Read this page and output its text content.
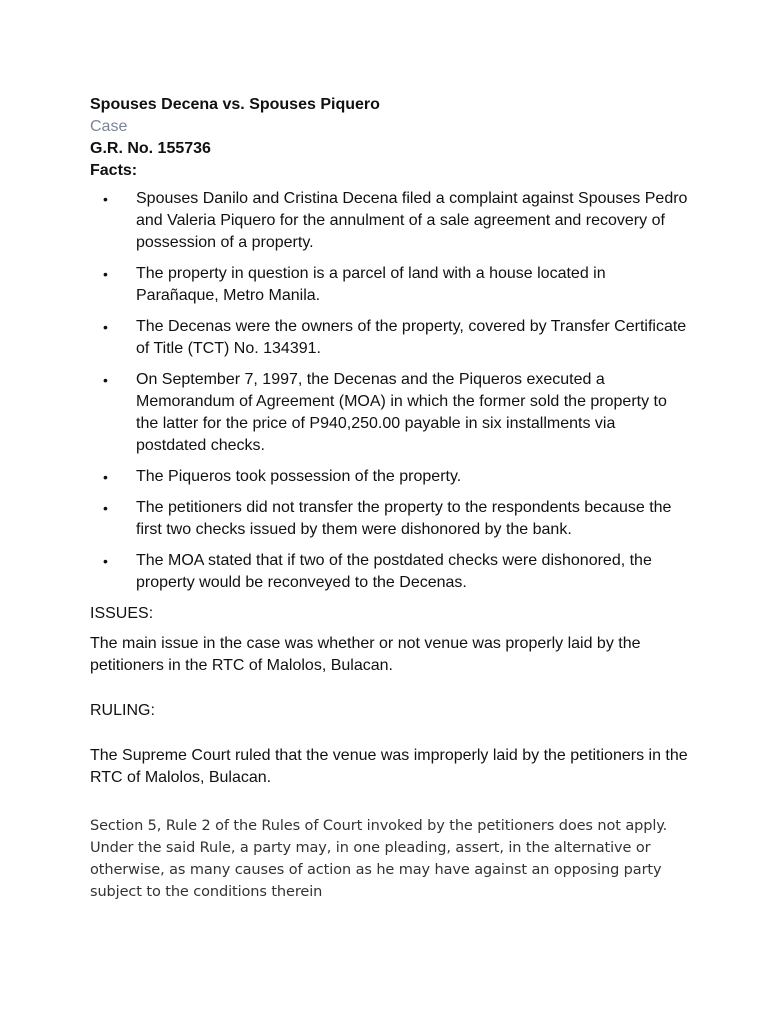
Spouses Decena vs. Spouses Piquero

Case

G.R. No. 155736

Facts:

• Spouses Danilo and Cristina Decena filed a complaint against Spouses Pedro and Valeria Piquero for the annulment of a sale agreement and recovery of possession of a property.
• The property in question is a parcel of land with a house located in Parañaque, Metro Manila.
• The Decenas were the owners of the property, covered by Transfer Certificate of Title (TCT) No. 134391.
• On September 7, 1997, the Decenas and the Piqueros executed a Memorandum of Agreement (MOA) in which the former sold the property to the latter for the price of P940,250.00 payable in six installments via postdated checks.
• The Piqueros took possession of the property.
• The petitioners did not transfer the property to the respondents because the first two checks issued by them were dishonored by the bank.
• The MOA stated that if two of the postdated checks were dishonored, the property would be reconveyed to the Decenas.

ISSUES:

The main issue in the case was whether or not venue was properly laid by the petitioners in the RTC of Malolos, Bulacan.

RULING:

The Supreme Court ruled that the venue was improperly laid by the petitioners in the RTC of Malolos, Bulacan.

Section 5, Rule 2 of the Rules of Court invoked by the petitioners does not apply. Under the said Rule, a party may, in one pleading, assert, in the alternative or otherwise, as many causes of action as he may have against an opposing party subject to the conditions therein
